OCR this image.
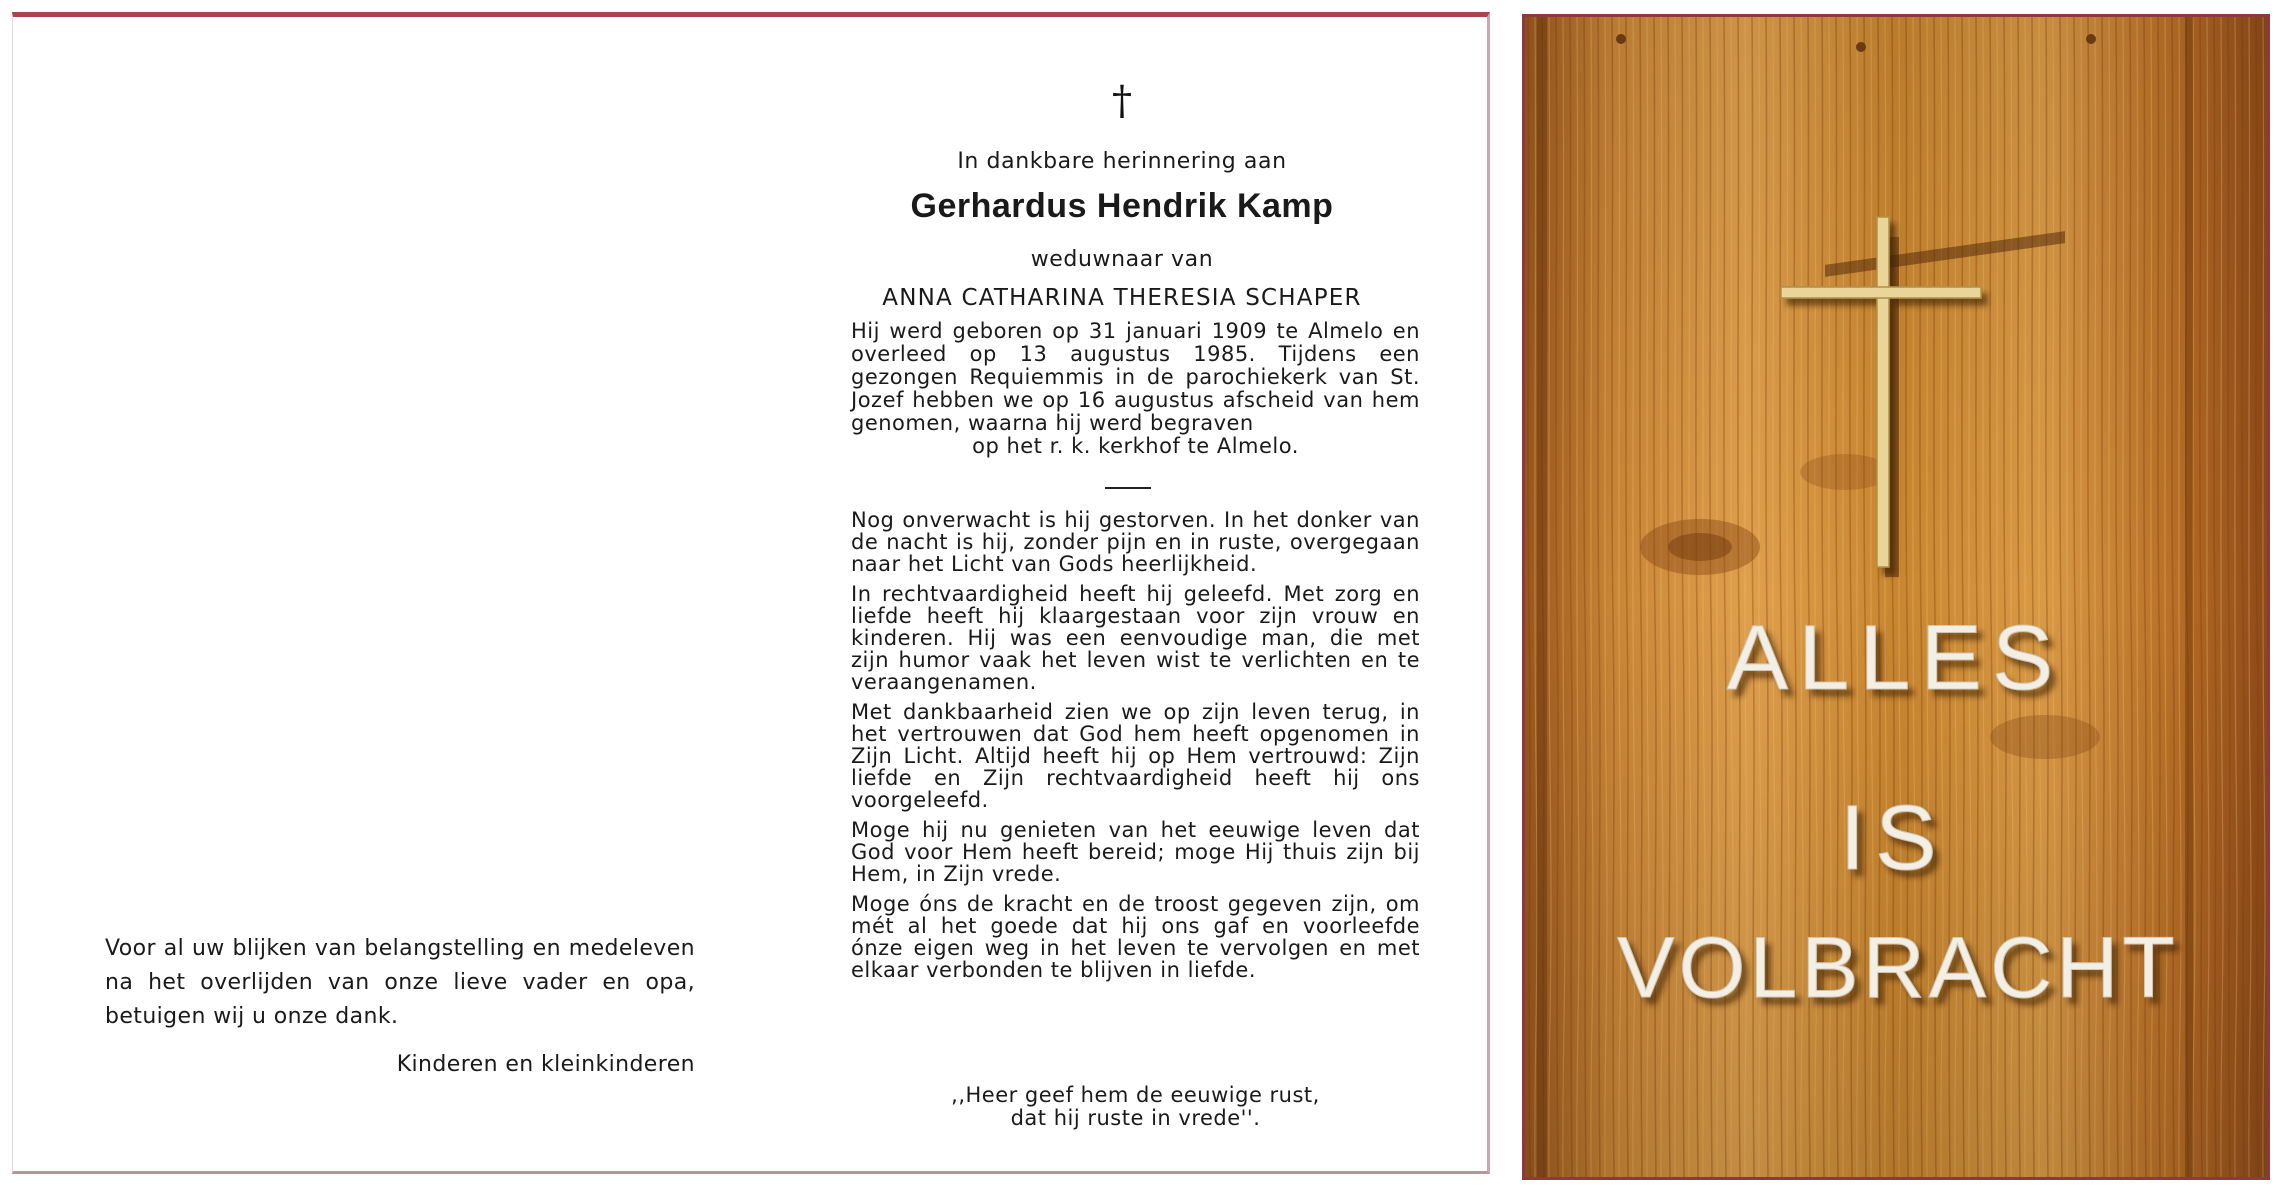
Voor al uw blijken van belangstelling en medeleven na het overlijden van onze lieve vader en opa, betuigen wij u onze dank.
Kinderen en kleinkinderen
†
In dankbare herinnering aan
Gerhardus Hendrik Kamp
weduwnaar van
ANNA CATHARINA THERESIA SCHAPER
Hij werd geboren op 31 januari 1909 te Almelo en overleed op 13 augustus 1985. Tijdens een gezongen Requiemmis in de parochiekerk van St. Jozef hebben we op 16 augustus afscheid van hem genomen, waarna hij werd begraven
op het r. k. kerkhof te Almelo.

Nog onverwacht is hij gestorven. In het donker van de nacht is hij, zonder pijn en in ruste, overgegaan naar het Licht van Gods heerlijkheid.

In rechtvaardigheid heeft hij geleefd. Met zorg en liefde heeft hij klaargestaan voor zijn vrouw en kinderen. Hij was een eenvoudige man, die met zijn humor vaak het leven wist te verlichten en te veraangenamen.

Met dankbaarheid zien we op zijn leven terug, in het vertrouwen dat God hem heeft opgenomen in Zijn Licht. Altijd heeft hij op Hem vertrouwd: Zijn liefde en Zijn rechtvaardigheid heeft hij ons voorgeleefd.

Moge hij nu genieten van het eeuwige leven dat God voor Hem heeft bereid; moge Hij thuis zijn bij Hem, in Zijn vrede.

Moge óns de kracht en de troost gegeven zijn, om mét al het goede dat hij ons gaf en voorleefde ónze eigen weg in het leven te vervolgen en met elkaar verbonden te blijven in liefde.

,,Heer geef hem de eeuwige rust,
dat hij ruste in vrede''.
ALLES
IS
VOLBRACHT
